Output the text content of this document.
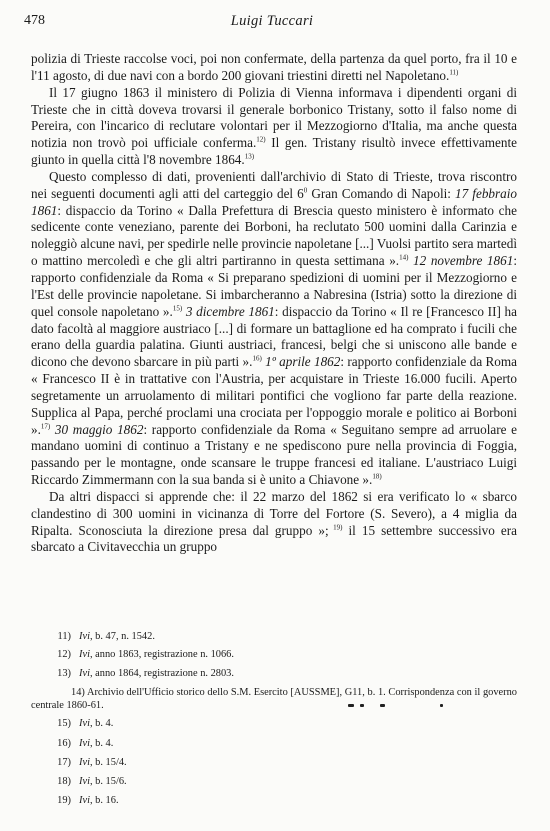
478	Luigi Tuccari

polizia di Trieste raccolse voci, poi non confermate, della partenza da quel porto, fra il 10 e l'11 agosto, di due navi con a bordo 200 giovani triestini diretti nel Napoletano.$^{11)}$

Il 17 giugno 1863 il ministero di Polizia di Vienna informava i dipendenti organi di Trieste che in città doveva trovarsi il generale borbonico Tristany, sotto il falso nome di Pereira, con l'incarico di reclutare volontari per il Mezzogiorno d'Italia, ma anche questa notizia non trovò poi ufficiale conferma.$^{12)}$ Il gen. Tristany risultò invece effettivamente giunto in quella città l'8 novembre 1864.$^{13)}$

Questo complesso di dati, provenienti dall'archivio di Stato di Trieste, trova riscontro nei seguenti documenti agli atti del carteggio del $6^0$ Gran Comando di Napoli: 17 febbraio 1861: dispaccio da Torino « Dalla Prefettura di Brescia questo ministero è informato che sedicente conte veneziano, parente dei Borboni, ha reclutato 500 uomini dalla Carinzia e noleggiò alcune navi, per spedirle nelle provincie napoletane [...] Vuolsi partito sera martedì o mattino mercoledì e che gli altri partiranno in questa settimana ».$^{14)}$ 12 novembre 1861: rapporto confidenziale da Roma « Si preparano spedizioni di uomini per il Mezzogiorno e l'Est delle provincie napoletane. Si imbarcheranno a Nabresina (Istria) sotto la direzione di quel console napoletano ».$^{15)}$ 3 dicembre 1861: dispaccio da Torino « Il re [Francesco II] ha dato facoltà al maggiore austriaco [...] di formare un battaglione ed ha comprato i fucili che erano della guardia palatina. Giunti austriaci, francesi, belgi che si uniscono alle bande e dicono che devono sbarcare in più parti ».$^{16)}$ 1º aprile 1862: rapporto confidenziale da Roma « Francesco II è in trattative con l'Austria, per acquistare in Trieste 16.000 fucili. Aperto segretamente un arruolamento di militari pontifici che vogliono far parte della reazione. Supplica al Papa, perché proclami una crociata per l'oppoggio morale e politico ai Borboni ».$^{17)}$ 30 maggio 1862: rapporto confidenziale da Roma « Seguitano sempre ad arruolare e mandano uomini di continuo a Tristany e ne spediscono pure nella provincia di Foggia, passando per le montagne, onde scansare le truppe francesi ed italiane. L'austriaco Luigi Riccardo Zimmermann con la sua banda si è unito a Chiavone ».$^{18)}$

Da altri dispacci si apprende che: il 22 marzo del 1862 si era verificato lo « sbarco clandestino di 300 uomini in vicinanza di Torre del Fortore (S. Severo), a 4 miglia da Ripalta. Sconosciuta la direzione presa dal gruppo »; $^{19)}$ il 15 settembre successivo era sbarcato a Civitavecchia un gruppo

11) Ivi, b. 47, n. 1542.
12) Ivi, anno 1863, registrazione n. 1066.
13) Ivi, anno 1864, registrazione n. 2803.
14) Archivio dell'Ufficio storico dello S.M. Esercito [AUSSME], G11, b. 1. Corrispondenza con il governo centrale 1860-61.
15) Ivi, b. 4.
16) Ivi, b. 4.
17) Ivi, b. 15/4.
18) Ivi, b. 15/6.
19) Ivi, b. 16.
